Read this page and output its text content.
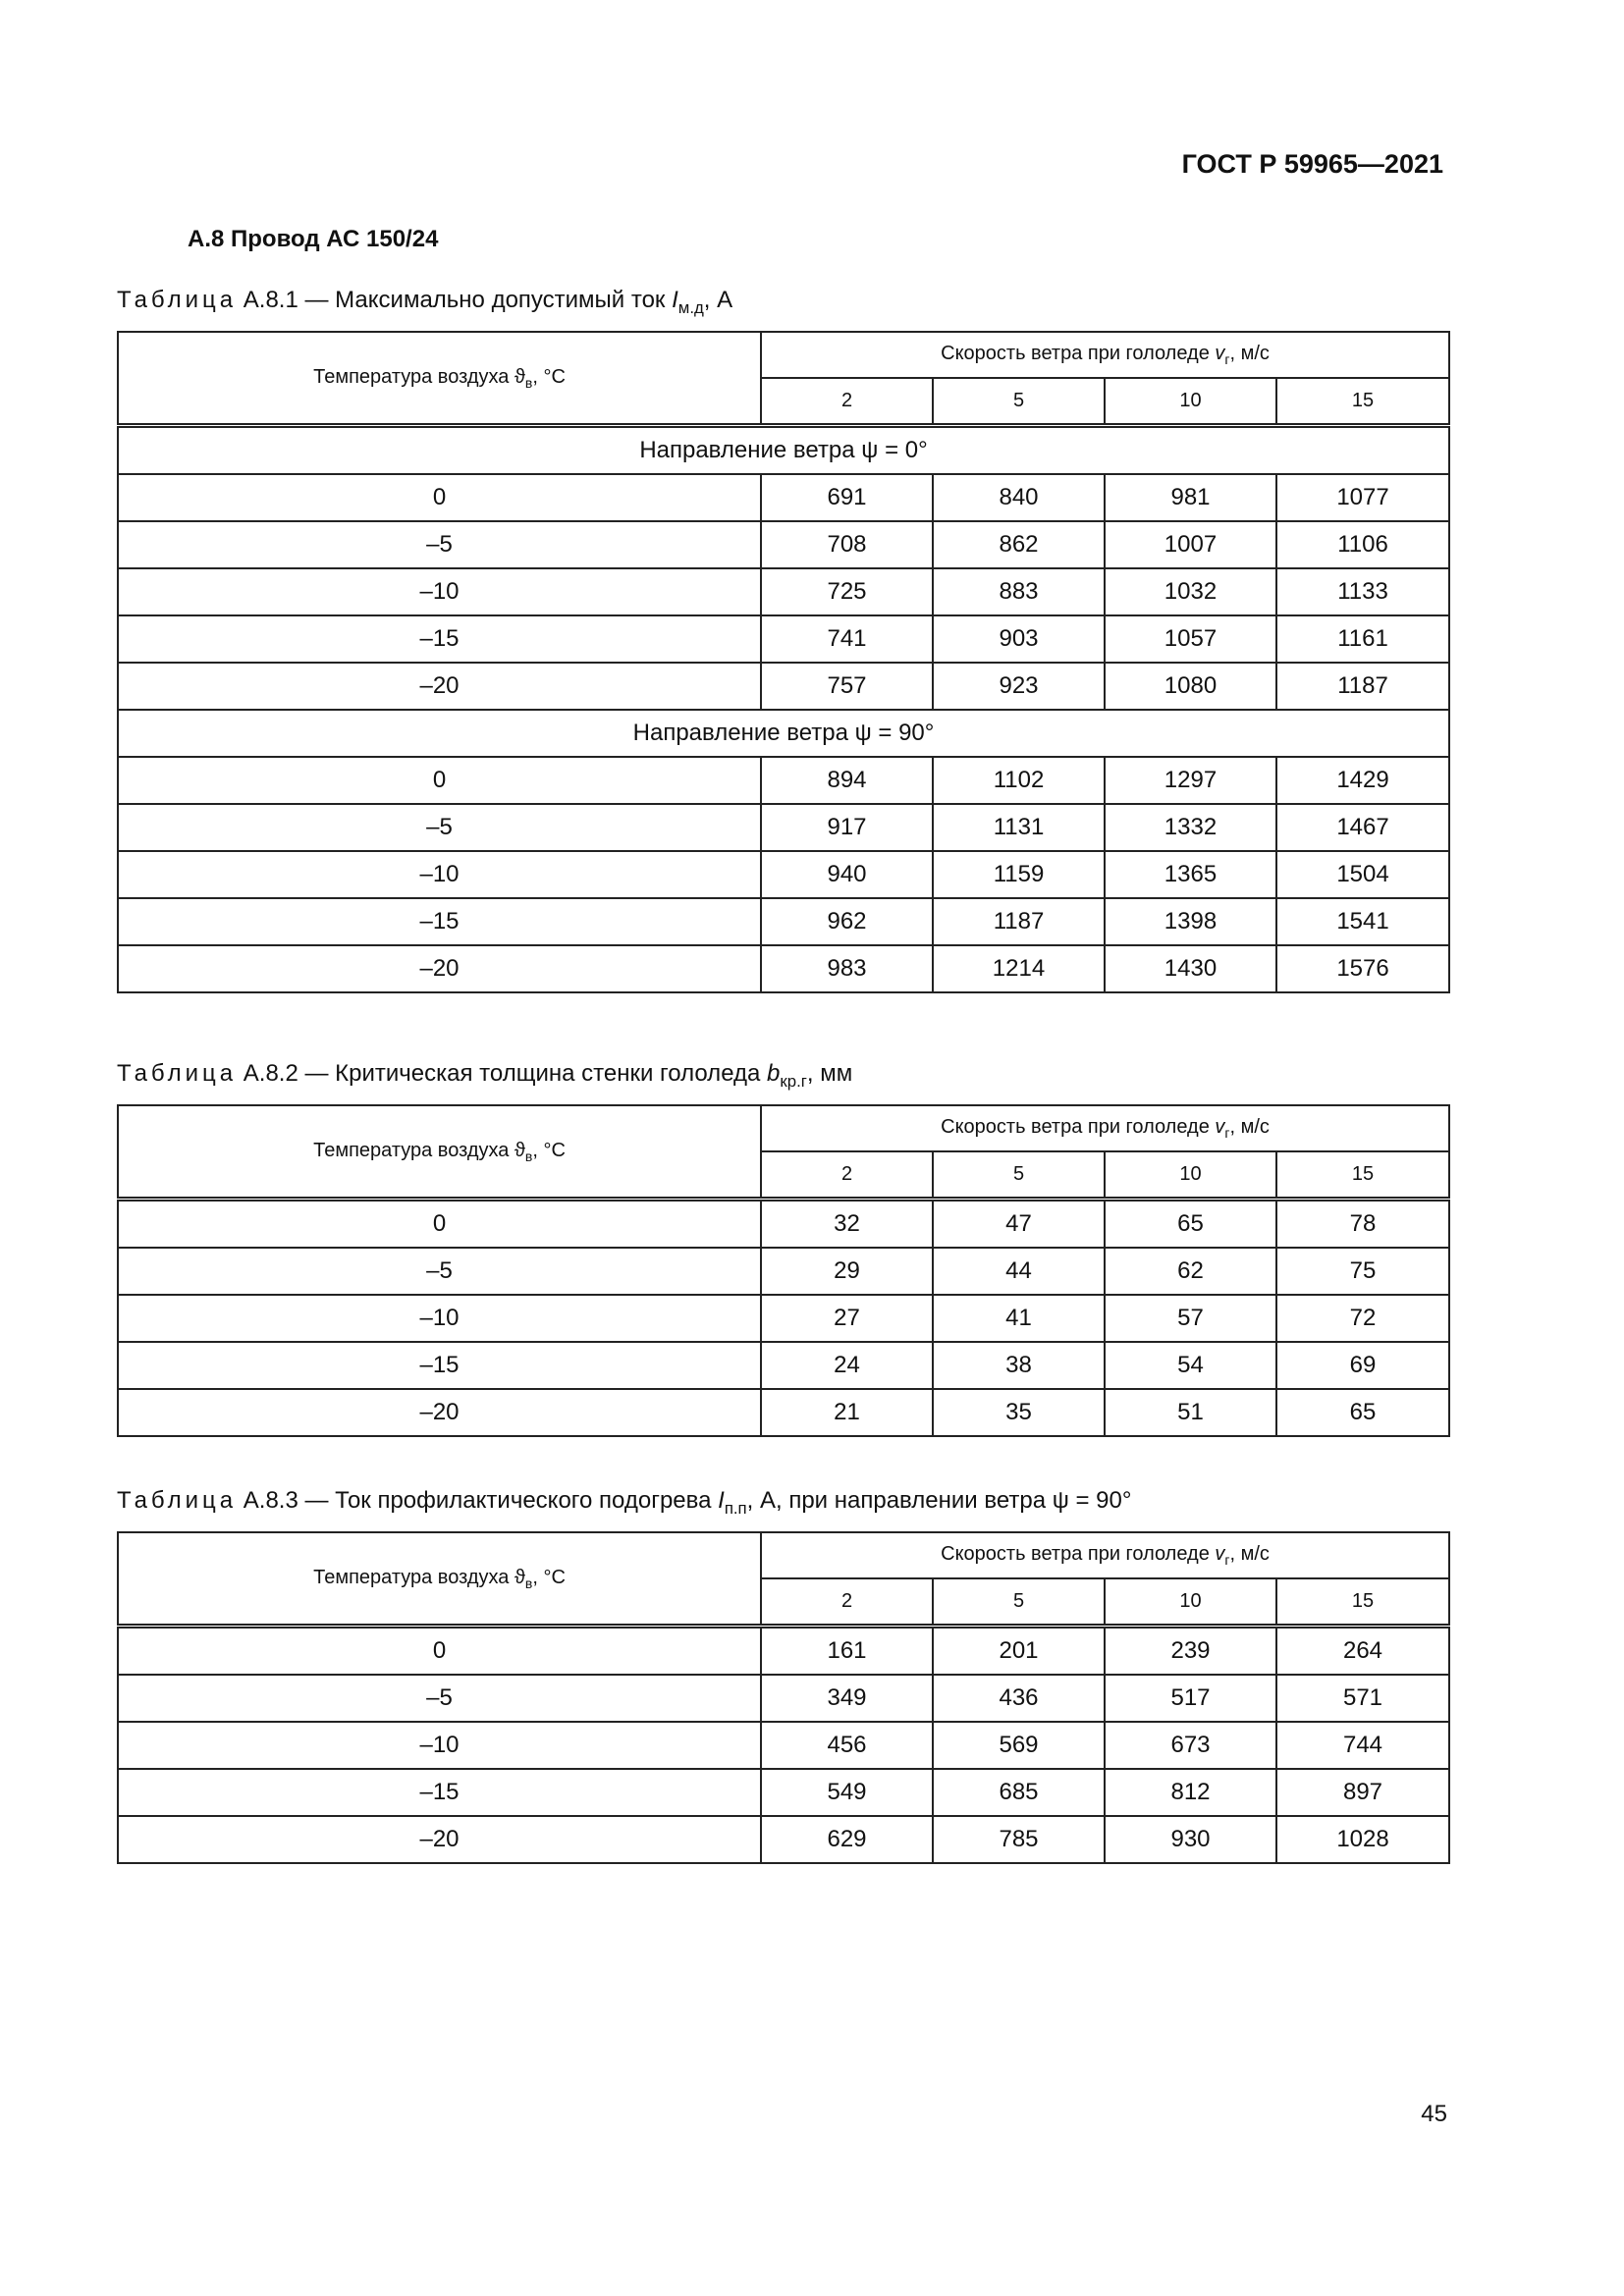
ГОСТ Р 59965—2021
А.8 Провод АС 150/24
Таблица А.8.1 — Максимально допустимый ток $I_{м.д}$, А
Температура воздуха $ϑ_в$, °С	Скорость ветра при гололеде $v_г$, м/с			
	2	5	10	15
Направление ветра ψ = 0°				
0	691	840	981	1077
–5	708	862	1007	1106
–10	725	883	1032	1133
–15	741	903	1057	1161
–20	757	923	1080	1187
Направление ветра ψ = 90°				
0	894	1102	1297	1429
–5	917	1131	1332	1467
–10	940	1159	1365	1504
–15	962	1187	1398	1541
–20	983	1214	1430	1576
Таблица А.8.2 — Критическая толщина стенки гололеда $b_{кр.г}$, мм
Температура воздуха $ϑ_в$, °С	Скорость ветра при гололеде $v_г$, м/с			
	2	5	10	15
0	32	47	65	78
–5	29	44	62	75
–10	27	41	57	72
–15	24	38	54	69
–20	21	35	51	65
Таблица А.8.3 — Ток профилактического подогрева $I_{п.п}$, А, при направлении ветра ψ = 90°
Температура воздуха $ϑ_в$, °С	Скорость ветра при гололеде $v_г$, м/с			
	2	5	10	15
0	161	201	239	264
–5	349	436	517	571
–10	456	569	673	744
–15	549	685	812	897
–20	629	785	930	1028
45
